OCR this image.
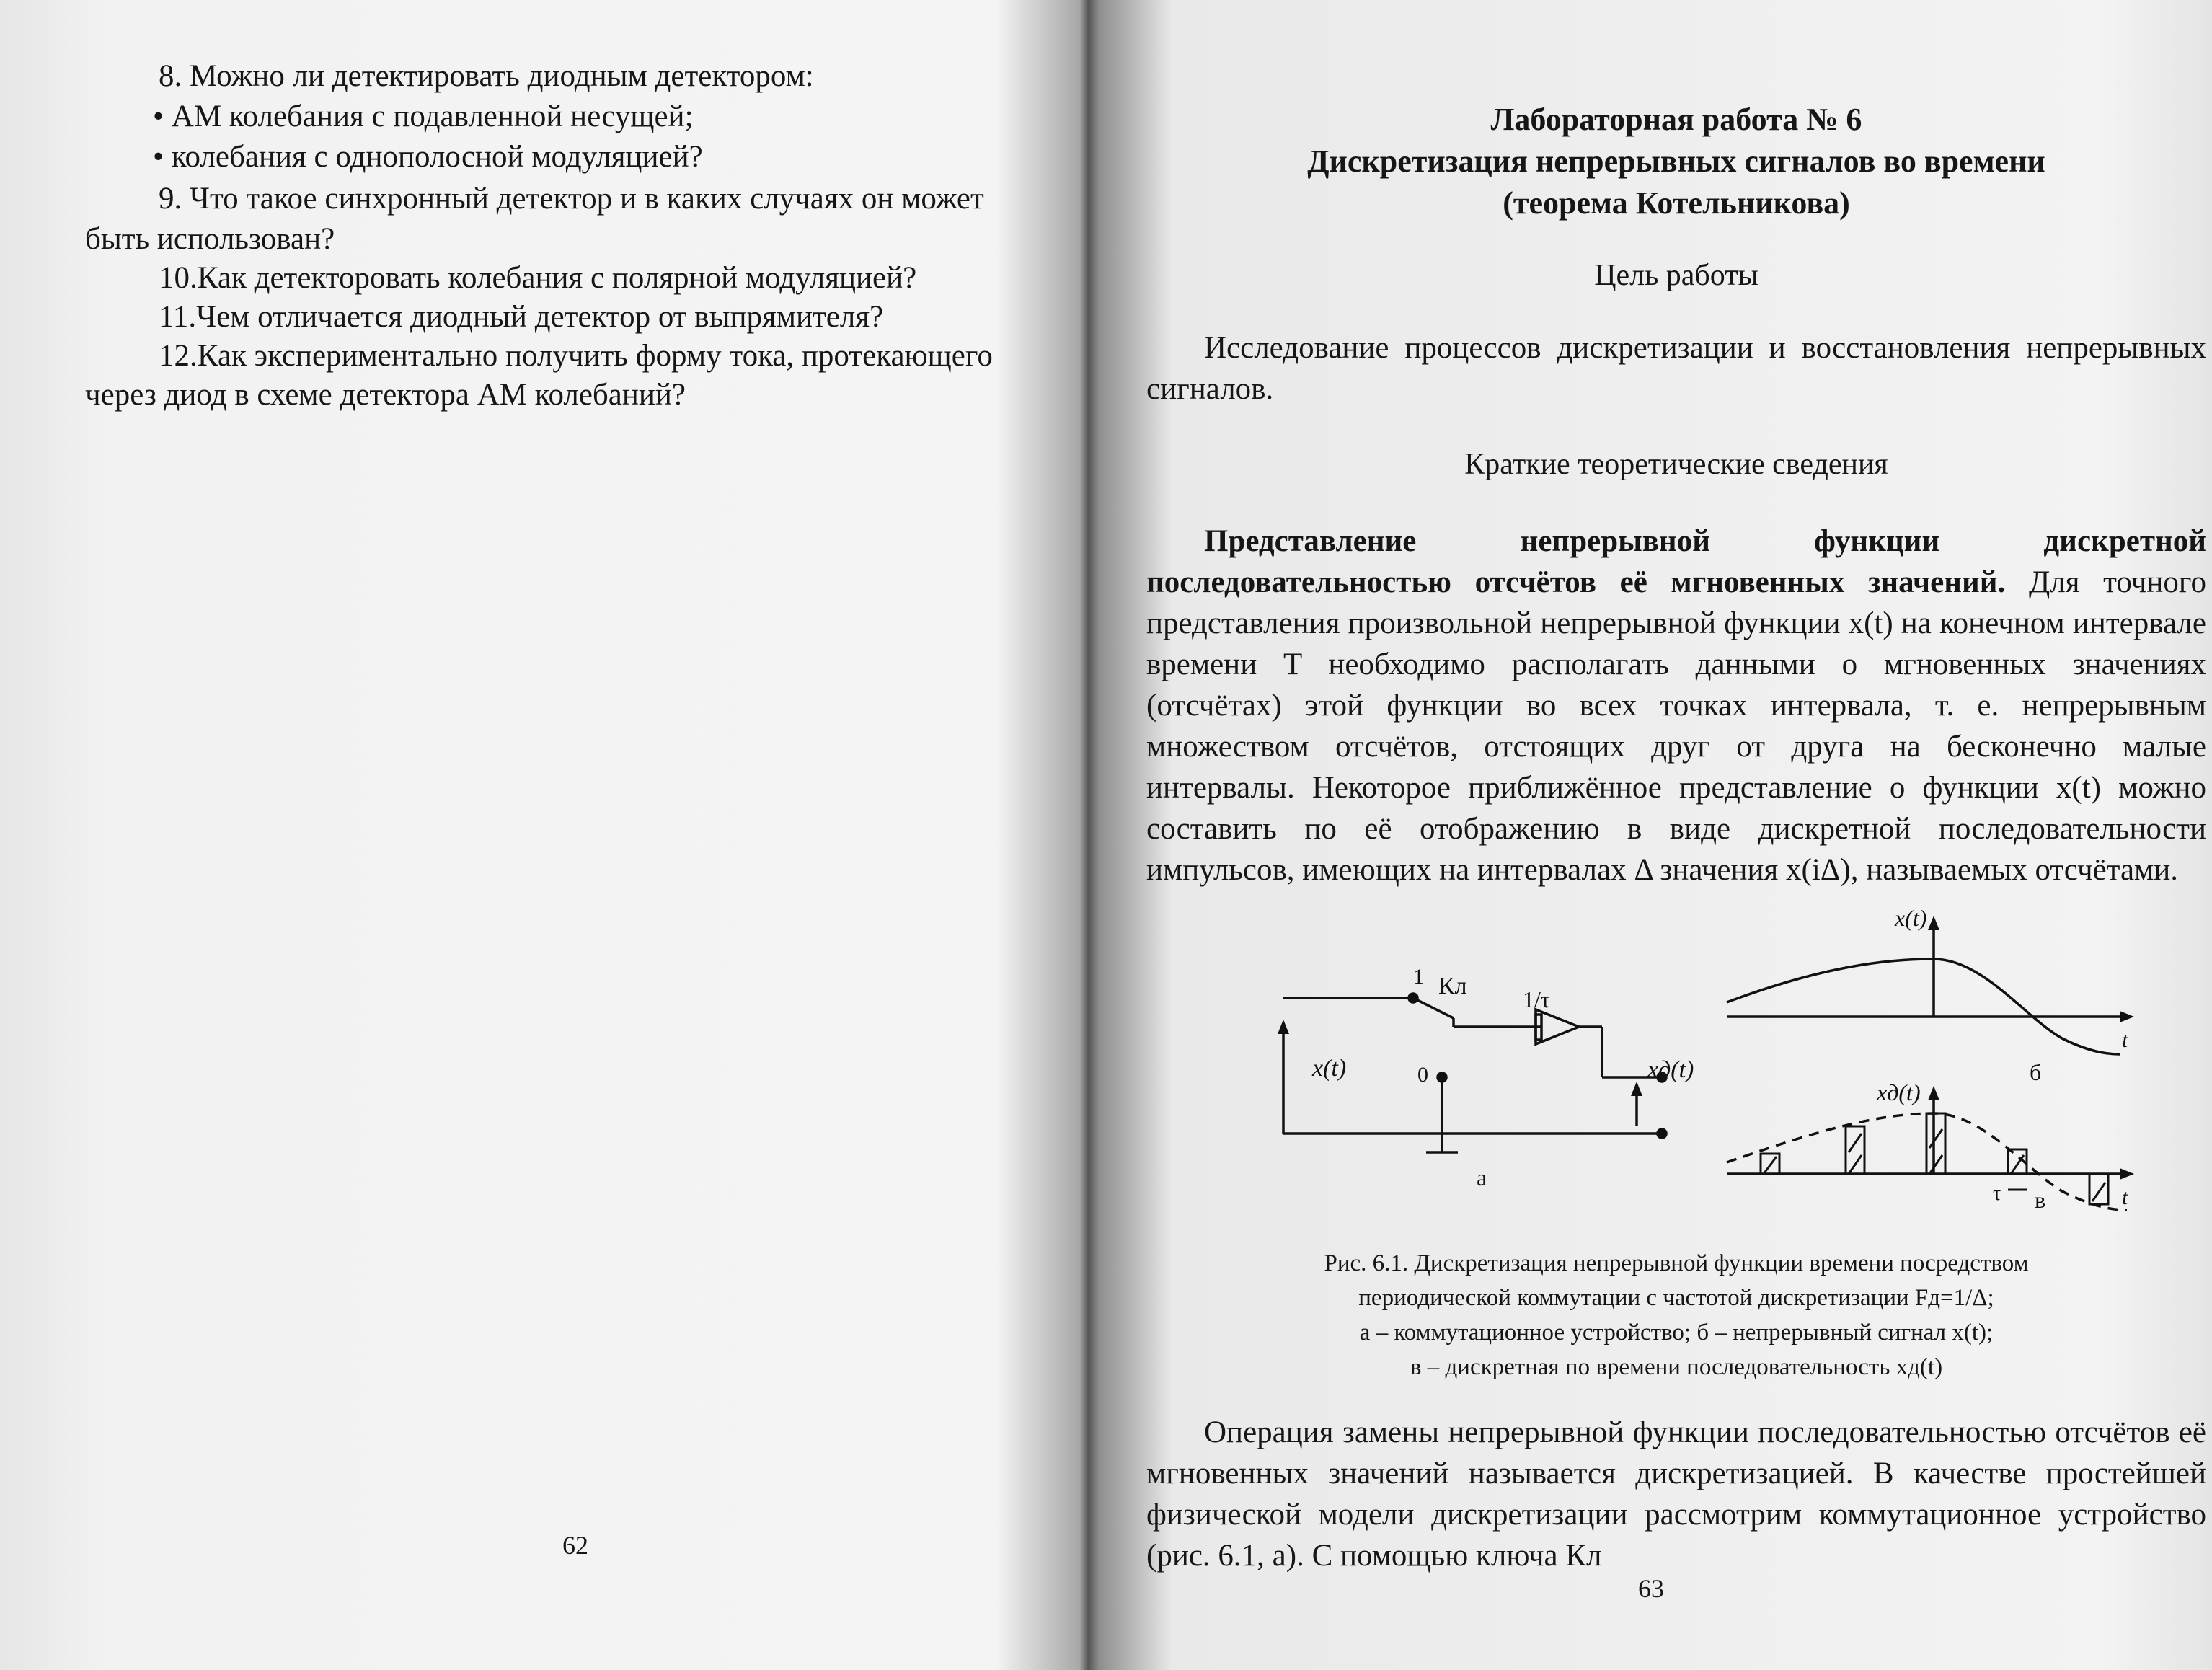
8. Можно ли детектировать диодным детектором:
• АМ колебания с подавленной несущей;
• колебания с однополосной модуляцией?
9. Что такое синхронный детектор и в каких случаях он может
быть использован?
10.Как детекторовать колебания с полярной модуляцией?
11.Чем отличается диодный детектор от выпрямителя?
12.Как экспериментально получить форму тока, протекающего
через диод в схеме детектора АМ колебаний?
62
Лабораторная работа № 6
Дискретизация непрерывных сигналов во времени
(теорема Котельникова)
Цель работы
Исследование процессов дискретизации и восстановления непрерывных сигналов.
Краткие теоретические сведения
Представление непрерывной функции дискретной последовательностью отсчётов её мгновенных значений. Для точного представления произвольной непрерывной функции x(t) на конечном интервале времени T необходимо располагать данными о мгновенных значениях (отсчётах) этой функции во всех точках интервала, т. е. непрерывным множеством отсчётов, отстоящих друг от друга на бесконечно малые интервалы. Некоторое приближённое представление о функции x(t) можно составить по её отображению в виде дискретной последовательности импульсов, имеющих на интервалах Δ значения x(iΔ), называемых отсчётами.
x(t)
1 Кл 1/τ
0	xд(t)
а
x(t)
t
б
xд(t)
t
τ в
Рис. 6.1. Дискретизация непрерывной функции времени посредством
периодической коммутации с частотой дискретизации Fд=1/Δ;
а – коммутационное устройство; б – непрерывный сигнал x(t);
в – дискретная по времени последовательность xд(t)
Операция замены непрерывной функции последовательностью отсчётов её мгновенных значений называется дискретизацией. В качестве простейшей физической модели дискретизации рассмотрим коммутационное устройство (рис. 6.1, а). С помощью ключа Кл
63
